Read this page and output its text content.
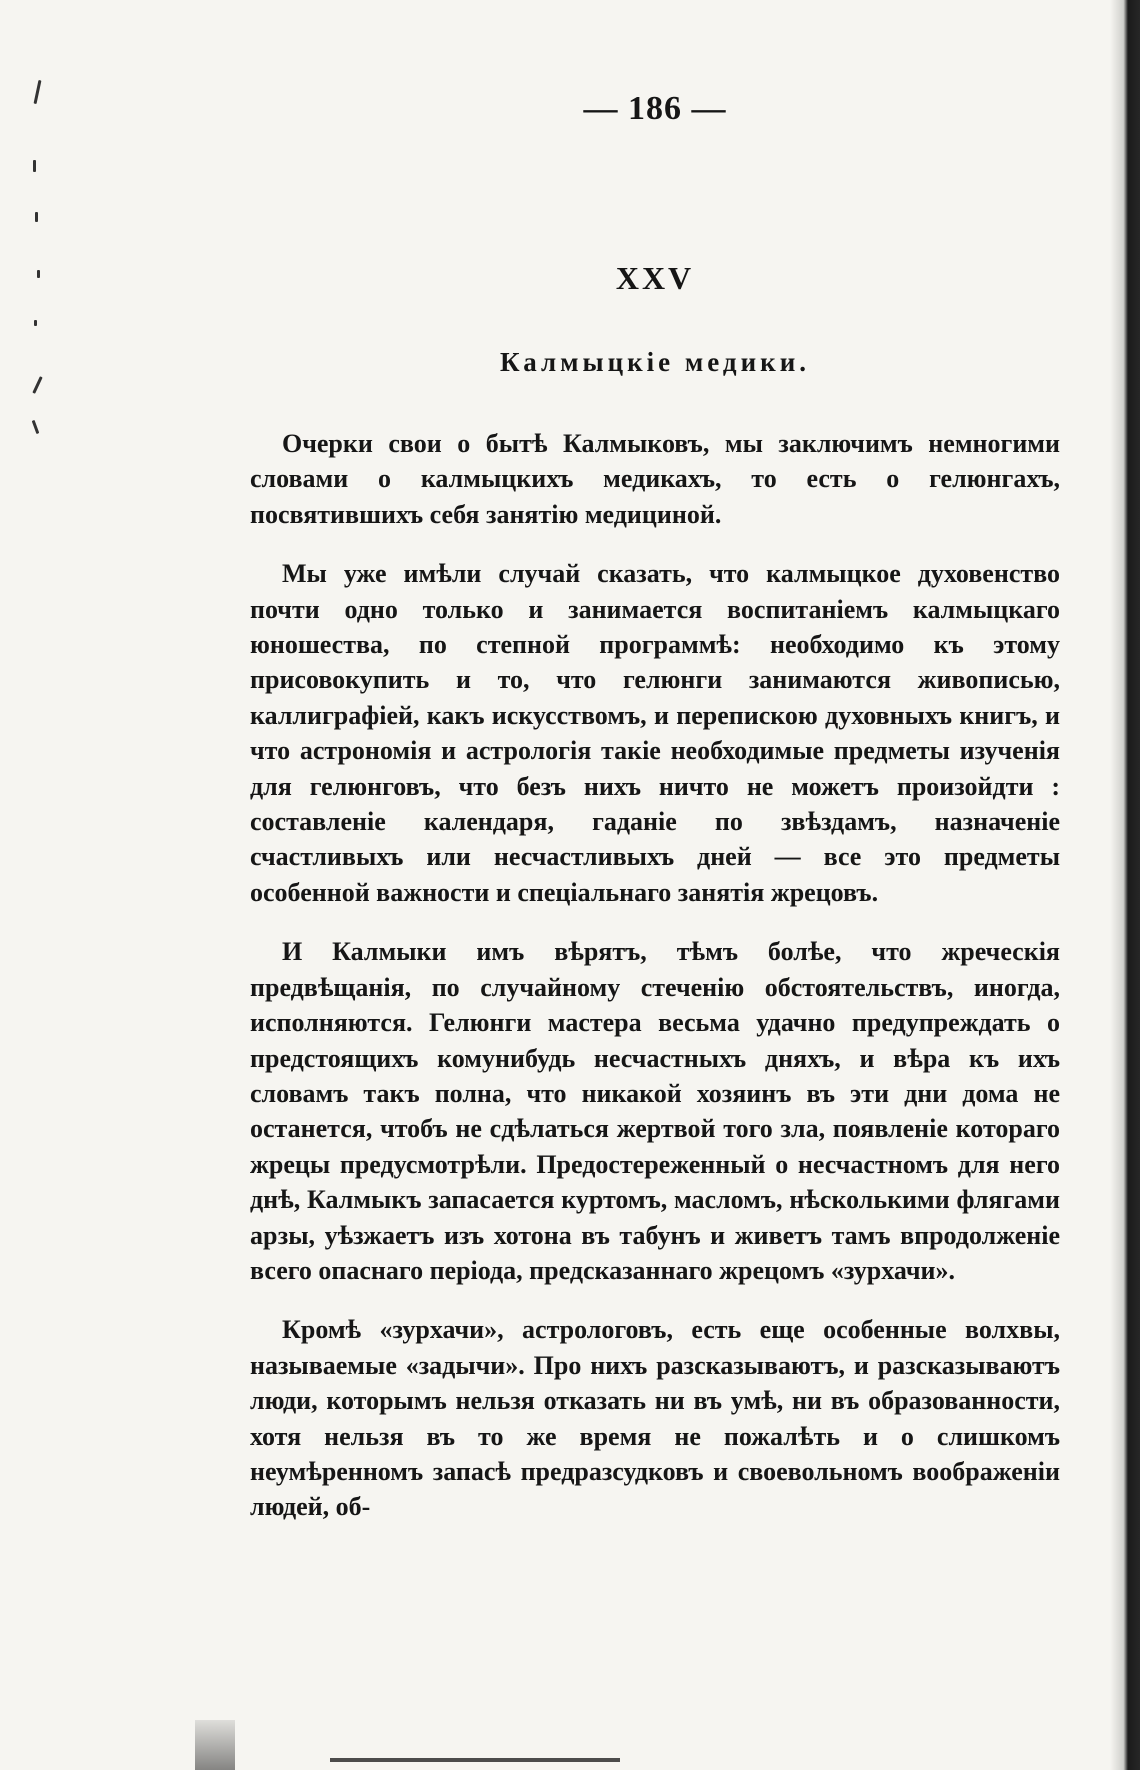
— 186 —
XXV
Калмыцкіе медики.

Очерки свои о бытѣ Калмыковъ, мы заключимъ немногими словами о калмыцкихъ медикахъ, то есть о гелюнгахъ, посвятившихъ себя занятію медициной.

Мы уже имѣли случай сказать, что калмыцкое духовенство почти одно только и занимается воспитаніемъ калмыцкаго юношества, по степной программѣ: необходимо къ этому присовокупить и то, что гелюнги занимаются живописью, каллиграфіей, какъ искусствомъ, и перепискою духовныхъ книгъ, и что астрономія и астрологія такіе необходимые предметы изученія для гелюнговъ, что безъ нихъ ничто не можетъ произойдти : составленіе календаря, гаданіе по звѣздамъ, назначеніе счастливыхъ или несчастливыхъ дней — все это предметы особенной важности и спеціальнаго занятія жрецовъ.

И Калмыки имъ вѣрятъ, тѣмъ болѣе, что жреческія предвѣщанія, по случайному стеченію обстоятельствъ, иногда, исполняются. Гелюнги мастера весьма удачно предупреждать о предстоящихъ комунибудь несчастныхъ дняхъ, и вѣра къ ихъ словамъ такъ полна, что никакой хозяинъ въ эти дни дома не останется, чтобъ не сдѣлаться жертвой того зла, появленіе котораго жрецы предусмотрѣли. Предостереженный о несчастномъ для него днѣ, Калмыкъ запасается куртомъ, масломъ, нѣсколькими флягами арзы, уѣзжаетъ изъ хотона въ табунъ и живетъ тамъ впродолженіе всего опаснаго періода, предсказаннаго жрецомъ «зурхачи».

Кромѣ «зурхачи», астрологовъ, есть еще особенные волхвы, называемые «задычи». Про нихъ разсказываютъ, и разсказываютъ люди, которымъ нельзя отказать ни въ умѣ, ни въ образованности, хотя нельзя въ то же время не пожалѣть и о слишкомъ неумѣренномъ запасѣ предразсудковъ и своевольномъ воображеніи людей, об-
